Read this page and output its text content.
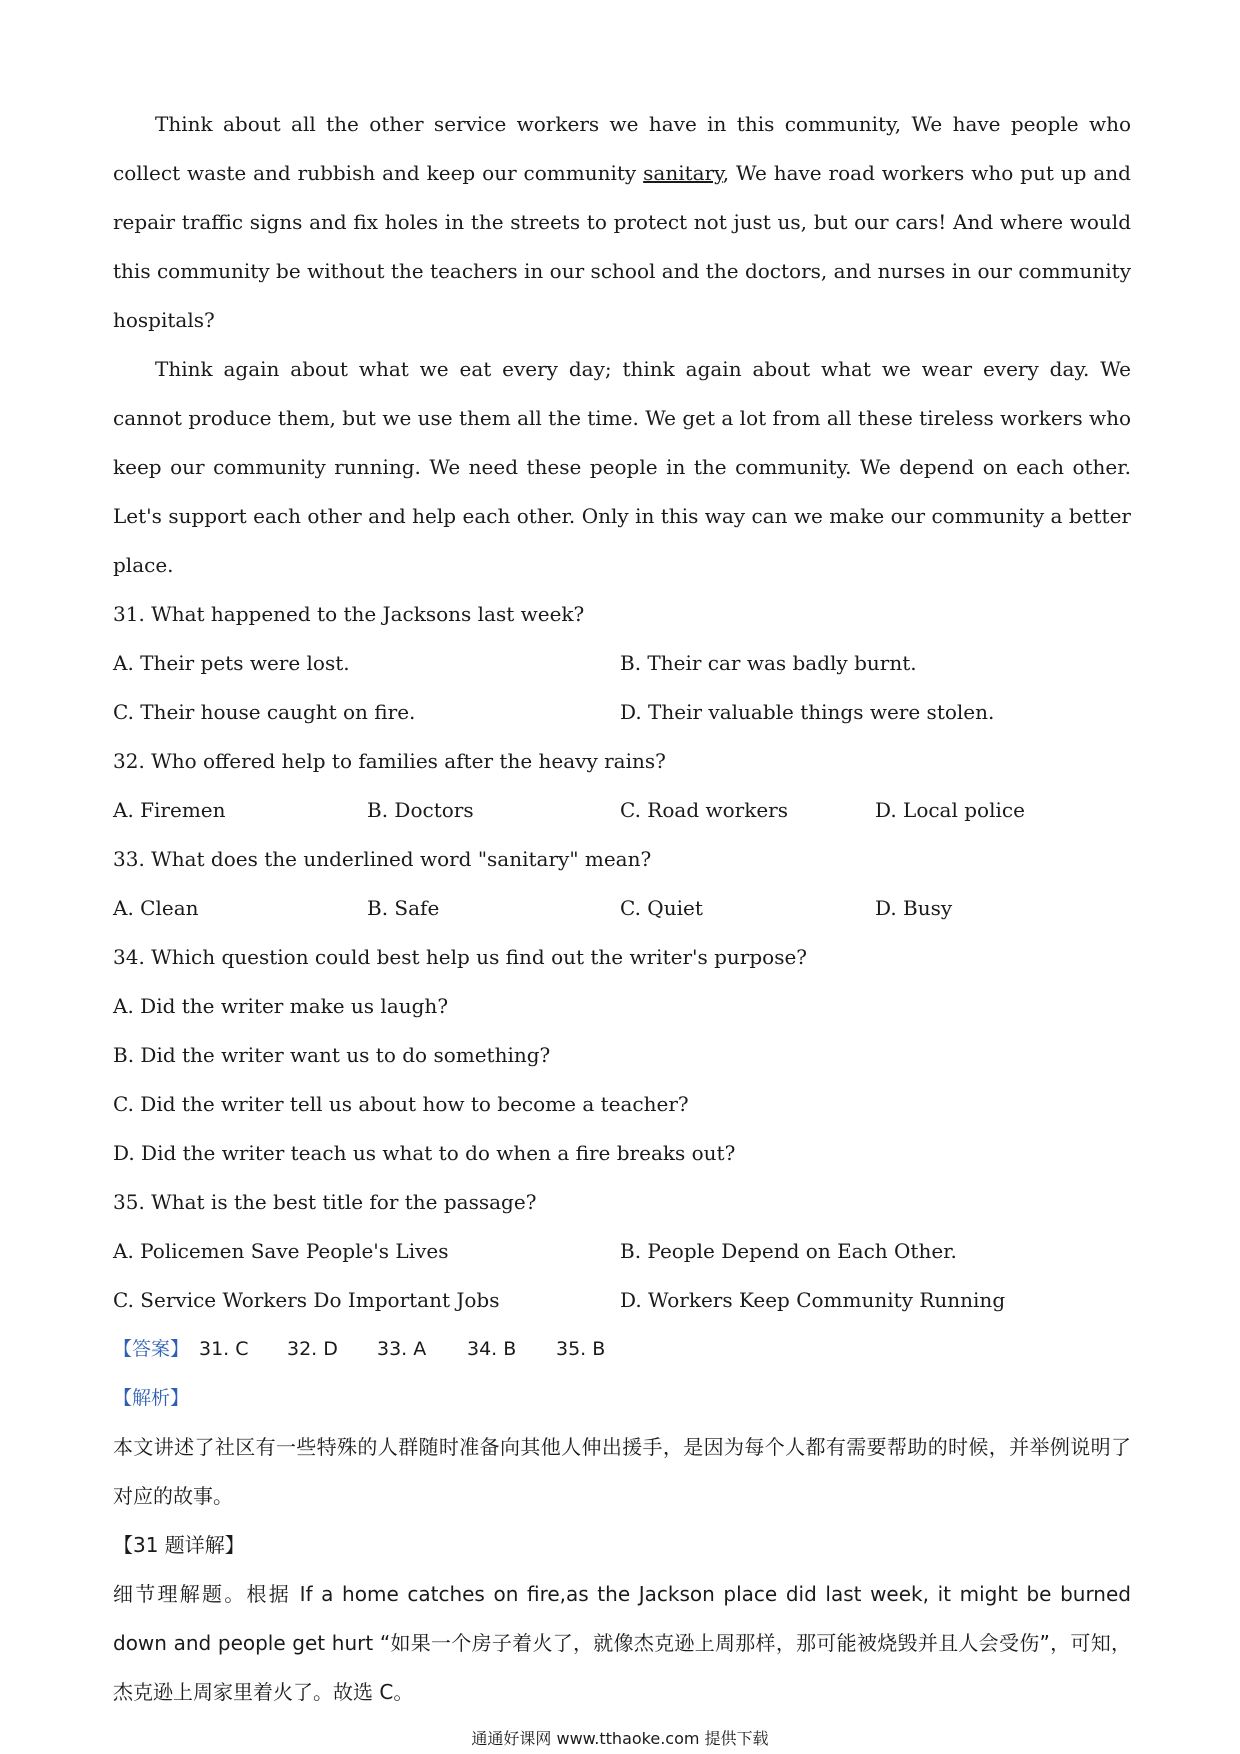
Think about all the other service workers we have in this community, We have people who collect waste and rubbish and keep our community sanitary, We have road workers who put up and repair traffic signs and fix holes in the streets to protect not just us, but our cars! And where would this community be without the teachers in our school and the doctors, and nurses in our community hospitals?

Think again about what we eat every day; think again about what we wear every day. We cannot produce them, but we use them all the time. We get a lot from all these tireless workers who keep our community running. We need these people in the community. We depend on each other. Let's support each other and help each other. Only in this way can we make our community a better place.

31. What happened to the Jacksons last week?
A. Their pets were lost.	B. Their car was badly burnt.
C. Their house caught on fire.	D. Their valuable things were stolen.
32. Who offered help to families after the heavy rains?
A. Firemen	B. Doctors	C. Road workers	D. Local police
33. What does the underlined word "sanitary" mean?
A. Clean	B. Safe	C. Quiet	D. Busy
34. Which question could best help us find out the writer's purpose?
A. Did the writer make us laugh?
B. Did the writer want us to do something?
C. Did the writer tell us about how to become a teacher?
D. Did the writer teach us what to do when a fire breaks out?
35. What is the best title for the passage?
A. Policemen Save People's Lives	B. People Depend on Each Other.
C. Service Workers Do Important Jobs	D. Workers Keep Community Running
【答案】 31. C 32. D 33. A 34. B 35. B
【解析】

本文讲述了社区有一些特殊的人群随时准备向其他人伸出援手，是因为每个人都有需要帮助的时候，并举例说明了对应的故事。

【31 题详解】

细节理解题。根据 If a home catches on fire,as the Jackson place did last week, it might be burned down and people get hurt “如果一个房子着火了，就像杰克逊上周那样，那可能被烧毁并且人会受伤”，可知，杰克逊上周家里着火了。故选 C。

通通好课网 www.tthaoke.com 提供下载
